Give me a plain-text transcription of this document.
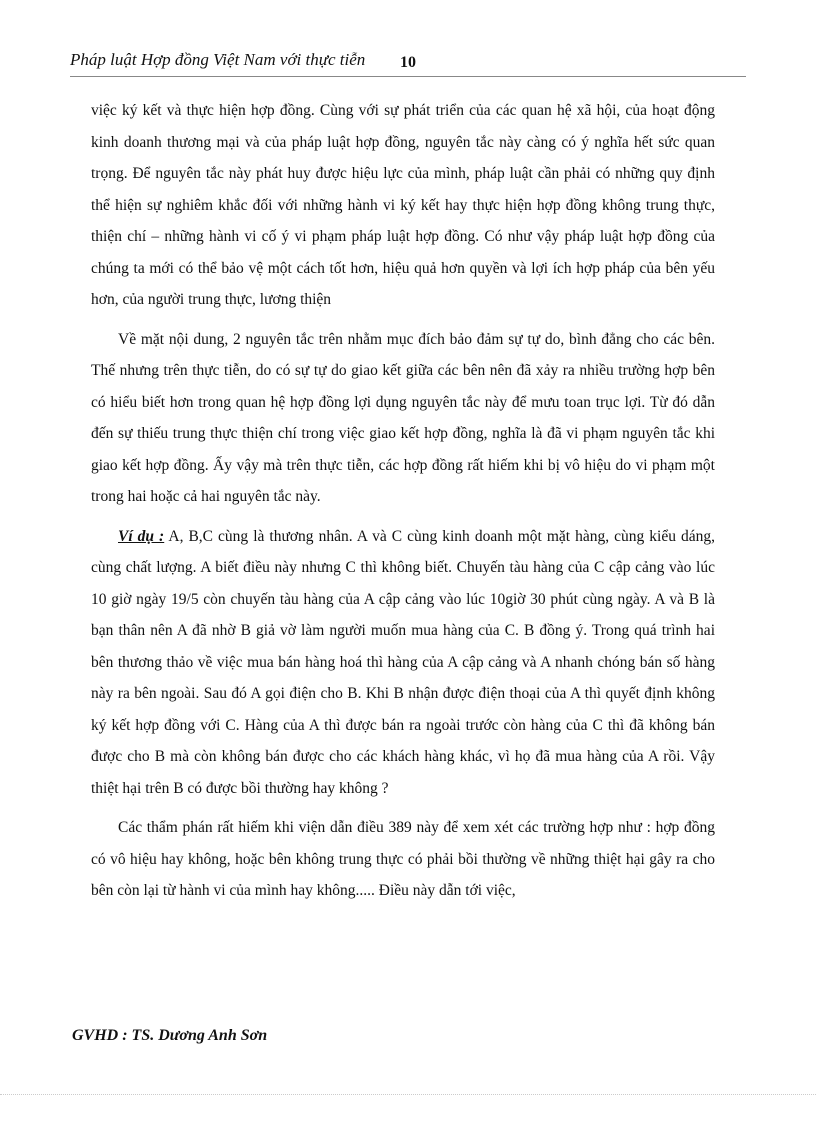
Pháp luật Hợp đồng Việt Nam với thực tiễn 10

việc ký kết và thực hiện hợp đồng. Cùng với sự phát triển của các quan hệ xã hội, của hoạt động kinh doanh thương mại và của pháp luật hợp đồng, nguyên tắc này càng có ý nghĩa hết sức quan trọng. Để nguyên tắc này phát huy được hiệu lực của mình, pháp luật cần phải có những quy định thể hiện sự nghiêm khắc đối với những hành vi ký kết hay thực hiện hợp đồng không trung thực, thiện chí – những hành vi cố ý vi phạm pháp luật hợp đồng. Có như vậy pháp luật hợp đồng của chúng ta mới có thể bảo vệ một cách tốt hơn, hiệu quả hơn quyền và lợi ích hợp pháp của bên yếu hơn, của người trung thực, lương thiện

Về mặt nội dung, 2 nguyên tắc trên nhằm mục đích bảo đảm sự tự do, bình đẳng cho các bên. Thế nhưng trên thực tiễn, do có sự tự do giao kết giữa các bên nên đã xảy ra nhiều trường hợp bên có hiểu biết hơn trong quan hệ hợp đồng lợi dụng nguyên tắc này để mưu toan trục lợi. Từ đó dẫn đến sự thiếu trung thực thiện chí trong việc giao kết hợp đồng, nghĩa là đã vi phạm nguyên tắc khi giao kết hợp đồng. Ấy vậy mà trên thực tiễn, các hợp đồng rất hiếm khi bị vô hiệu do vi phạm một trong hai hoặc cả hai nguyên tắc này.

Ví dụ : A, B,C cùng là thương nhân. A và C cùng kinh doanh một mặt hàng, cùng kiểu dáng, cùng chất lượng. A biết điều này nhưng C thì không biết. Chuyến tàu hàng của C cập cảng vào lúc 10 giờ ngày 19/5 còn chuyến tàu hàng của A cập cảng vào lúc 10giờ 30 phút cùng ngày. A và B là bạn thân nên A đã nhờ B giả vờ làm người muốn mua hàng của C. B đồng ý. Trong quá trình hai bên thương thảo về việc mua bán hàng hoá thì hàng của A cập cảng và A nhanh chóng bán số hàng này ra bên ngoài. Sau đó A gọi điện cho B. Khi B nhận được điện thoại của A thì quyết định không ký kết hợp đồng với C. Hàng của A thì được bán ra ngoài trước còn hàng của C thì đã không bán được cho B mà còn không bán được cho các khách hàng khác, vì họ đã mua hàng của A rồi. Vậy thiệt hại trên B có được bồi thường hay không ?

Các thẩm phán rất hiếm khi viện dẫn điều 389 này để xem xét các trường hợp như : hợp đồng có vô hiệu hay không, hoặc bên không trung thực có phải bồi thường về những thiệt hại gây ra cho bên còn lại từ hành vi của mình hay không..... Điều này dẫn tới việc,

GVHD : TS. Dương Anh Sơn
